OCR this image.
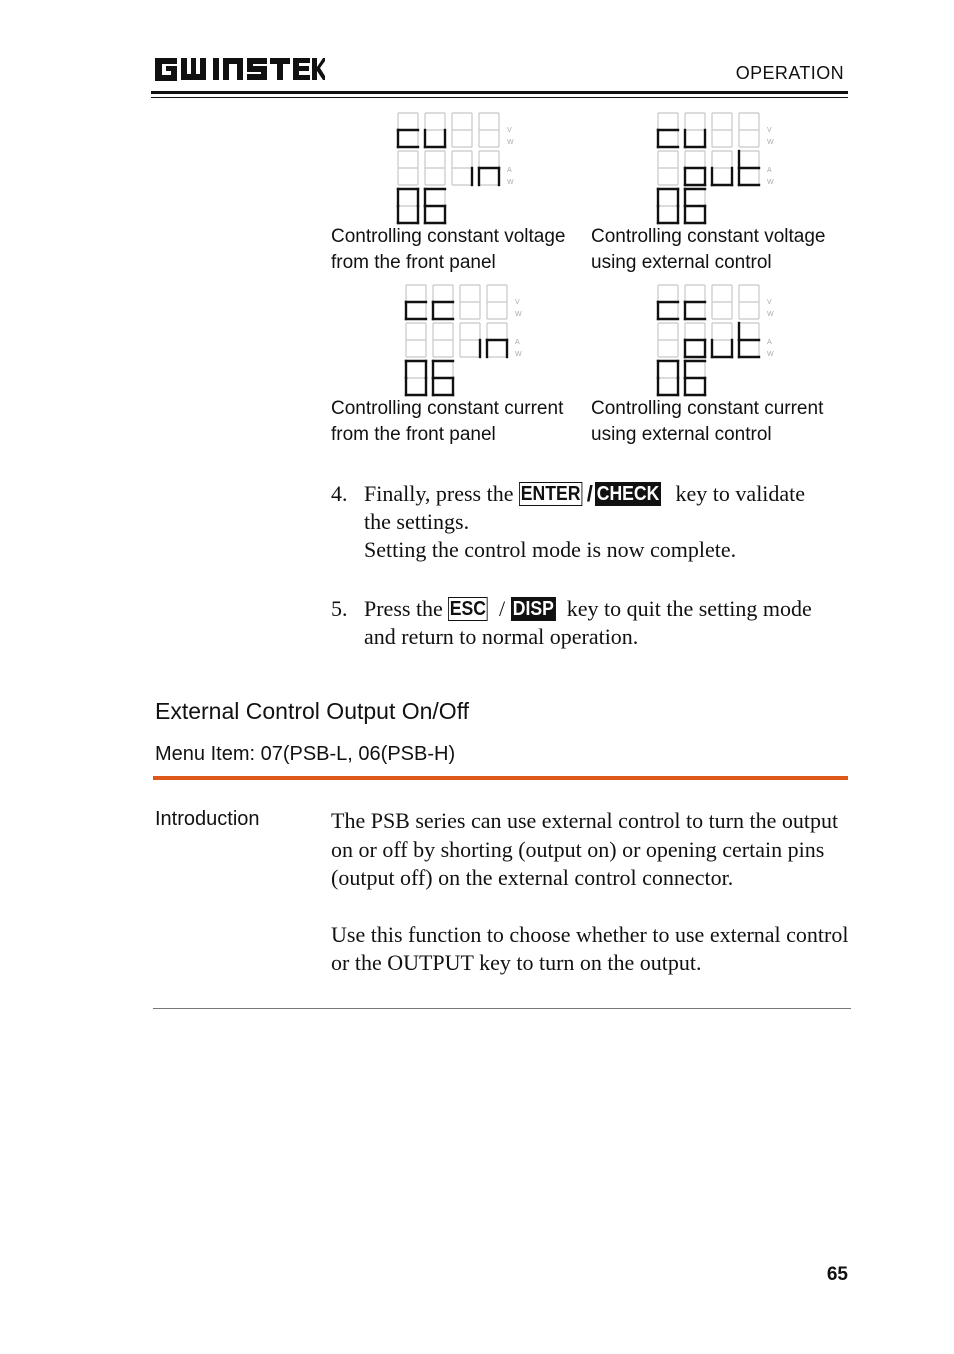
OPERATION
V
W
A
W
V
W
A
W
V
W
A
W
V
W
A
W
Controlling constant voltage
from the front panel
Controlling constant voltage
using external control
Controlling constant current
from the front panel
Controlling constant current
using external control
4. Finally, press the ENTER / CHECK key to validate the settings.
Setting the control mode is now complete.
5. Press the ESC / DISP key to quit the setting mode and return to normal operation.
External Control Output On/Off
Menu Item: 07(PSB-L, 06(PSB-H)
Introduction	The PSB series can use external control to turn the output on or off by shorting (output on) or opening certain pins (output off) on the external control connector.

Use this function to choose whether to use external control or the OUTPUT key to turn on the output.

65
